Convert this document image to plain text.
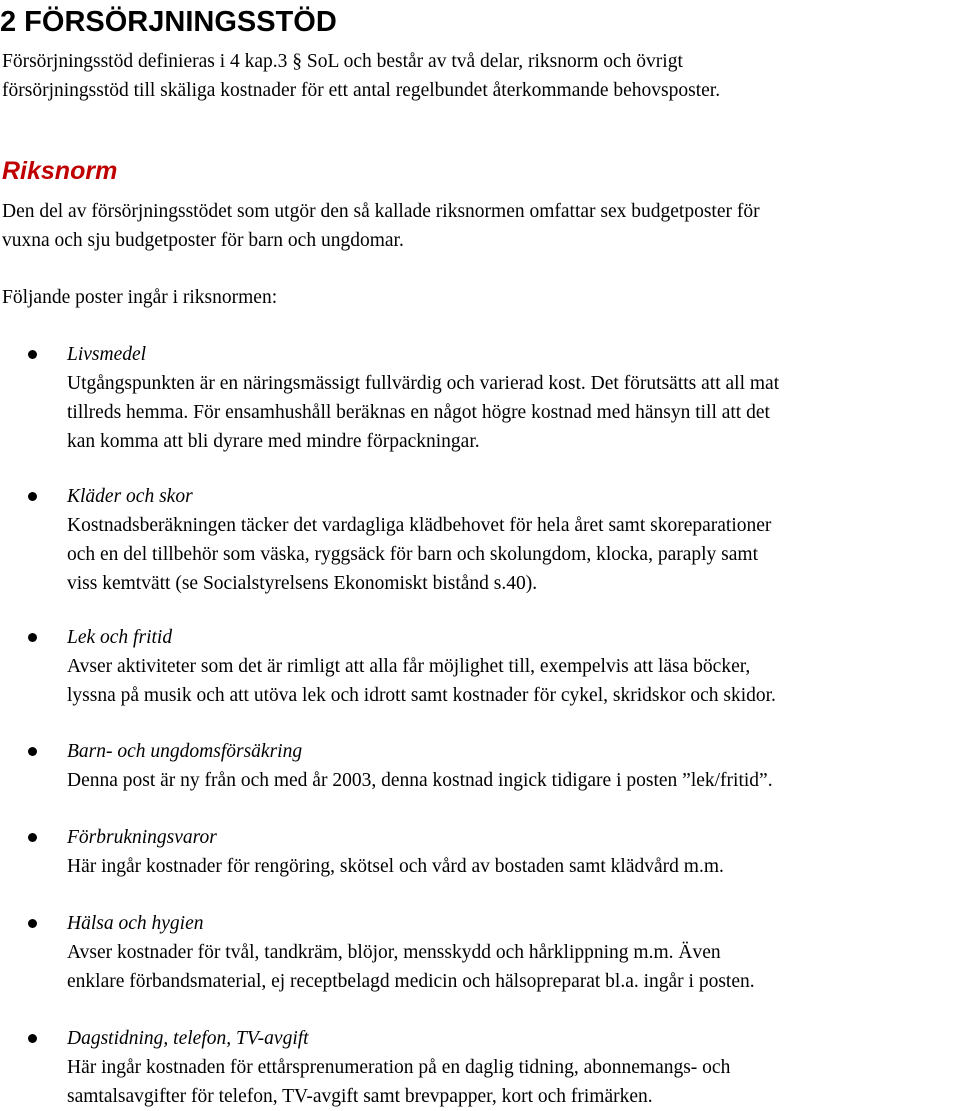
2 FÖRSÖRJNINGSSTÖD

Försörjningsstöd definieras i 4 kap.3 § SoL och består av två delar, riksnorm och övrigt

försörjningsstöd till skäliga kostnader för ett antal regelbundet återkommande behovsposter.

Riksnorm

Den del av försörjningsstödet som utgör den så kallade riksnormen omfattar sex budgetposter för

vuxna och sju budgetposter för barn och ungdomar.

Följande poster ingår i riksnormen:

Livsmedel
Utgångspunkten är en näringsmässigt fullvärdig och varierad kost. Det förutsätts att all mat
tillreds hemma. För ensamhushåll beräknas en något högre kostnad med hänsyn till att det
kan komma att bli dyrare med mindre förpackningar.
Kläder och skor
Kostnadsberäkningen täcker det vardagliga klädbehovet för hela året samt skoreparationer
och en del tillbehör som väska, ryggsäck för barn och skolungdom, klocka, paraply samt
viss kemtvätt (se Socialstyrelsens Ekonomiskt bistånd s.40).
Lek och fritid
Avser aktiviteter som det är rimligt att alla får möjlighet till, exempelvis att läsa böcker,
lyssna på musik och att utöva lek och idrott samt kostnader för cykel, skridskor och skidor.
Barn- och ungdomsförsäkring
Denna post är ny från och med år 2003, denna kostnad ingick tidigare i posten ”lek/fritid”.
Förbrukningsvaror
Här ingår kostnader för rengöring, skötsel och vård av bostaden samt klädvård m.m.
Hälsa och hygien
Avser kostnader för tvål, tandkräm, blöjor, mensskydd och hårklippning m.m. Även
enklare förbandsmaterial, ej receptbelagd medicin och hälsopreparat bl.a. ingår i posten.
Dagstidning, telefon, TV-avgift
Här ingår kostnaden för ettårsprenumeration på en daglig tidning, abonnemangs- och
samtalsavgifter för telefon, TV-avgift samt brevpapper, kort och frimärken.
